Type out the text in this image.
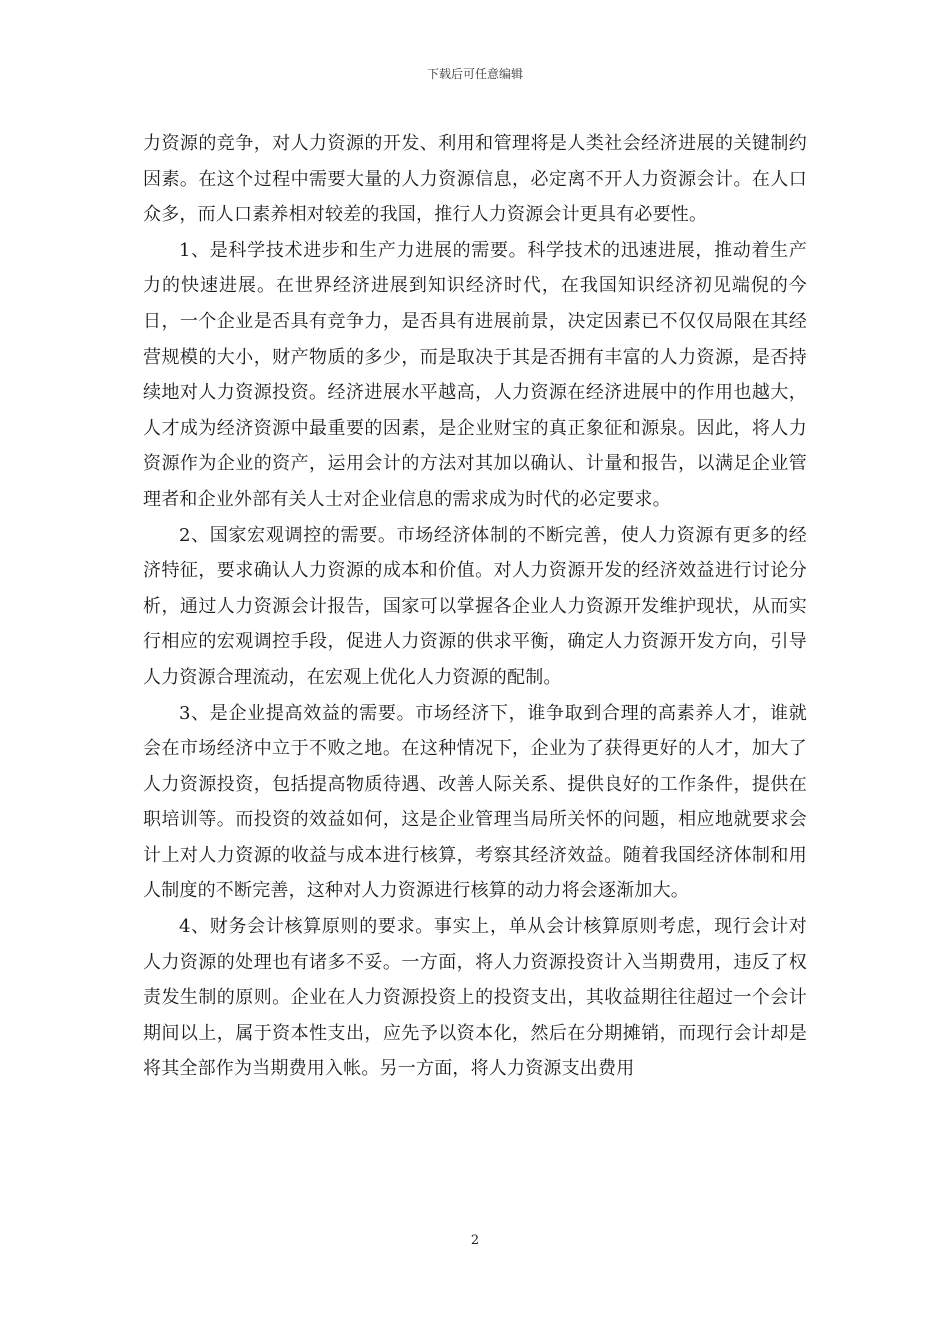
下载后可任意编辑

力资源的竞争，对人力资源的开发、利用和管理将是人类社会经济进展的关键制约因素。在这个过程中需要大量的人力资源信息，必定离不开人力资源会计。在人口众多，而人口素养相对较差的我国，推行人力资源会计更具有必要性。

1、是科学技术进步和生产力进展的需要。科学技术的迅速进展，推动着生产力的快速进展。在世界经济进展到知识经济时代，在我国知识经济初见端倪的今日，一个企业是否具有竞争力，是否具有进展前景，决定因素已不仅仅局限在其经营规模的大小，财产物质的多少，而是取决于其是否拥有丰富的人力资源，是否持续地对人力资源投资。经济进展水平越高，人力资源在经济进展中的作用也越大，人才成为经济资源中最重要的因素，是企业财宝的真正象征和源泉。因此，将人力资源作为企业的资产，运用会计的方法对其加以确认、计量和报告，以满足企业管理者和企业外部有关人士对企业信息的需求成为时代的必定要求。

2、国家宏观调控的需要。市场经济体制的不断完善，使人力资源有更多的经济特征，要求确认人力资源的成本和价值。对人力资源开发的经济效益进行讨论分析，通过人力资源会计报告，国家可以掌握各企业人力资源开发维护现状，从而实行相应的宏观调控手段，促进人力资源的供求平衡，确定人力资源开发方向，引导人力资源合理流动，在宏观上优化人力资源的配制。

3、是企业提高效益的需要。市场经济下，谁争取到合理的高素养人才，谁就会在市场经济中立于不败之地。在这种情况下，企业为了获得更好的人才，加大了人力资源投资，包括提高物质待遇、改善人际关系、提供良好的工作条件，提供在职培训等。而投资的效益如何，这是企业管理当局所关怀的问题，相应地就要求会计上对人力资源的收益与成本进行核算，考察其经济效益。随着我国经济体制和用人制度的不断完善，这种对人力资源进行核算的动力将会逐渐加大。

4、财务会计核算原则的要求。事实上，单从会计核算原则考虑，现行会计对人力资源的处理也有诸多不妥。一方面，将人力资源投资计入当期费用，违反了权责发生制的原则。企业在人力资源投资上的投资支出，其收益期往往超过一个会计期间以上，属于资本性支出，应先予以资本化，然后在分期摊销，而现行会计却是将其全部作为当期费用入帐。另一方面，将人力资源支出费用

2
